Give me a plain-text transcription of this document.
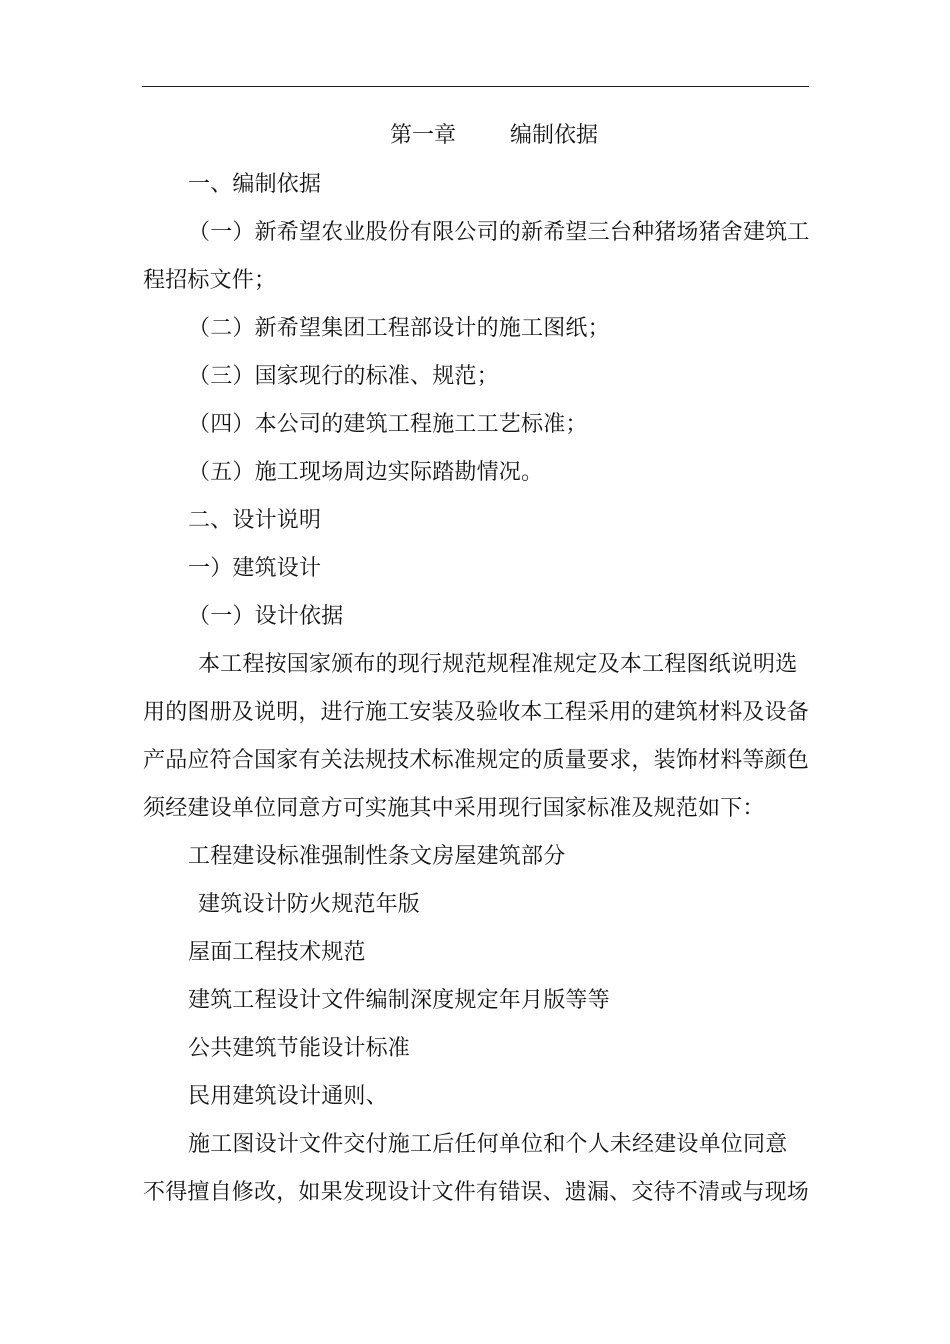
第一章 编制依据
一、编制依据
（一）新希望农业股份有限公司的新希望三台种猪场猪舍建筑工
程招标文件；
（二）新希望集团工程部设计的施工图纸；
（三）国家现行的标准、规范；
（四）本公司的建筑工程施工工艺标准；
（五）施工现场周边实际踏勘情况。
二、设计说明
一）建筑设计
（一）设计依据
本工程按国家颁布的现行规范规程准规定及本工程图纸说明选
用的图册及说明，进行施工安装及验收本工程采用的建筑材料及设备
产品应符合国家有关法规技术标准规定的质量要求，装饰材料等颜色
须经建设单位同意方可实施其中采用现行国家标准及规范如下：
工程建设标准强制性条文房屋建筑部分
建筑设计防火规范年版
屋面工程技术规范
建筑工程设计文件编制深度规定年月版等等
公共建筑节能设计标准
民用建筑设计通则、
施工图设计文件交付施工后任何单位和个人未经建设单位同意
不得擅自修改，如果发现设计文件有错误、遗漏、交待不清或与现场
